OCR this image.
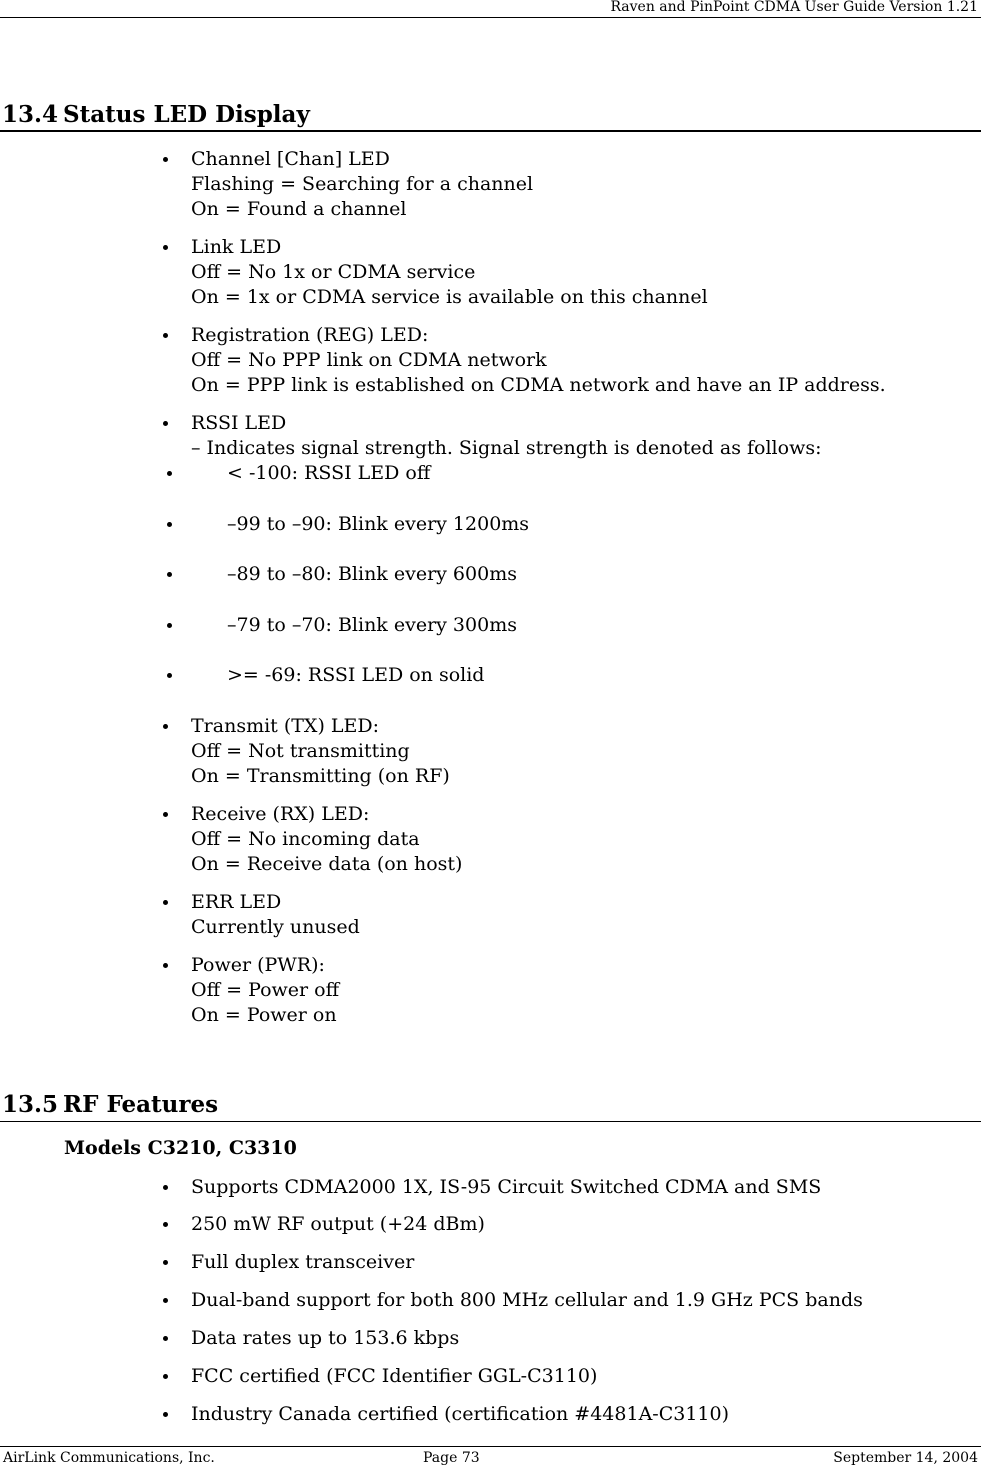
Raven and PinPoint CDMA User Guide Version 1.21
13.4 Status LED Display
Channel [Chan] LED
Flashing = Searching for a channel
On = Found a channel
Link LED
Off = No 1x or CDMA service
On = 1x or CDMA service is available on this channel
Registration (REG) LED:
Off = No PPP link on CDMA network
On = PPP link is established on CDMA network and have an IP address.
RSSI LED
– Indicates signal strength. Signal strength is denoted as follows:
< -100: RSSI LED off
–99 to –90: Blink every 1200ms
–89 to –80: Blink every 600ms
–79 to –70: Blink every 300ms
>= -69: RSSI LED on solid
Transmit (TX) LED:
Off = Not transmitting
On = Transmitting (on RF)
Receive (RX) LED:
Off = No incoming data
On = Receive data (on host)
ERR LED
Currently unused
Power (PWR):
Off = Power off
On = Power on
13.5 RF Features
Models C3210, C3310
Supports CDMA2000 1X, IS-95 Circuit Switched CDMA and SMS
250 mW RF output (+24 dBm)
Full duplex transceiver
Dual-band support for both 800 MHz cellular and 1.9 GHz PCS bands
Data rates up to 153.6 kbps
FCC certified (FCC Identifier GGL-C3110)
Industry Canada certified (certification #4481A-C3110)
AirLink Communications, Inc.	Page 73	September 14, 2004
